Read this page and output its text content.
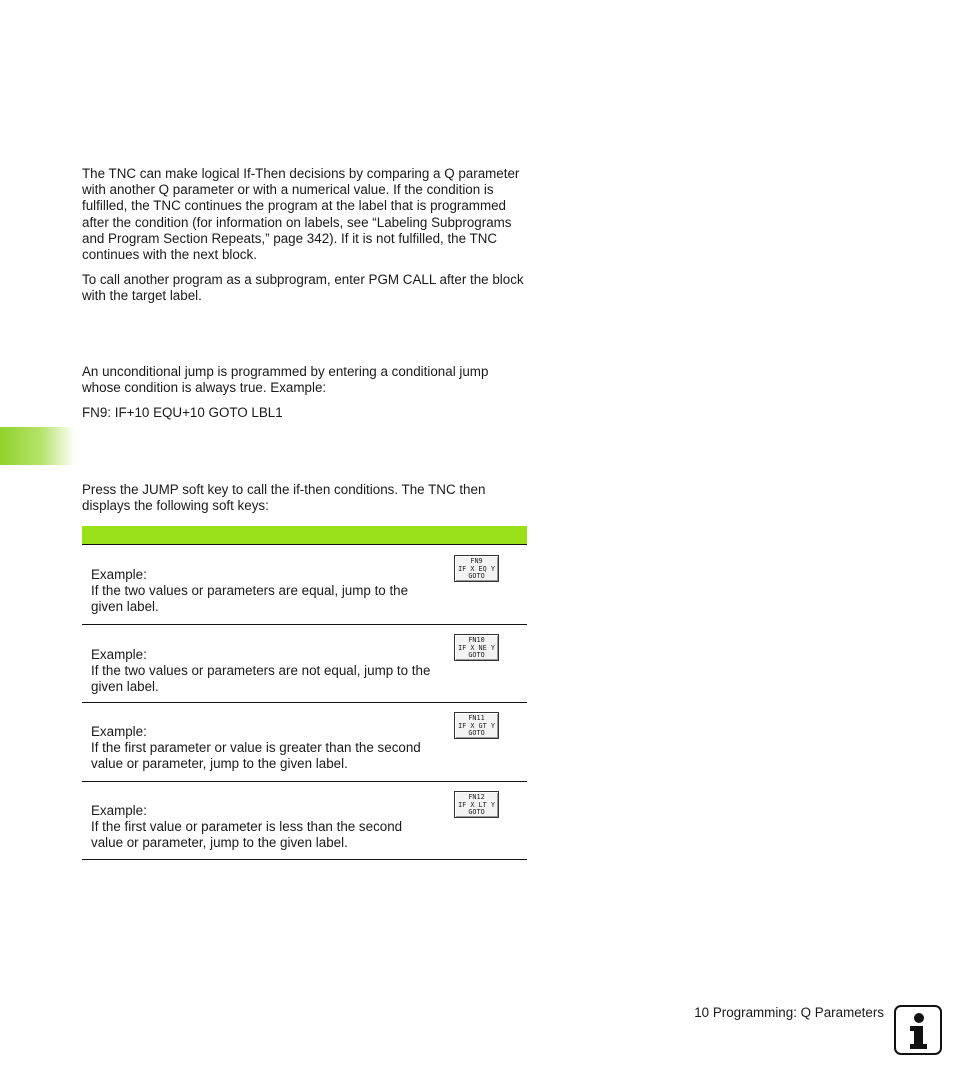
The TNC can make logical If-Then decisions by comparing a Q parameter with another Q parameter or with a numerical value. If the condition is fulfilled, the TNC continues the program at the label that is programmed after the condition (for information on labels, see “Labeling Subprograms and Program Section Repeats,” page 342). If it is not fulfilled, the TNC continues with the next block.

To call another program as a subprogram, enter PGM CALL after the block with the target label.

An unconditional jump is programmed by entering a conditional jump whose condition is always true. Example:

FN9: IF+10 EQU+10 GOTO LBL1

Press the JUMP soft key to call the if-then conditions. The TNC then displays the following soft keys:

Example:
If the two values or parameters are equal, jump to the given label.
FN9
IF X EQ Y
GOTO
Example:
If the two values or parameters are not equal, jump to the given label.
FN10
IF X NE Y
GOTO
Example:
If the first parameter or value is greater than the second value or parameter, jump to the given label.
FN11
IF X GT Y
GOTO
Example:
If the first value or parameter is less than the second value or parameter, jump to the given label.
FN12
IF X LT Y
GOTO
10 Programming: Q Parameters
